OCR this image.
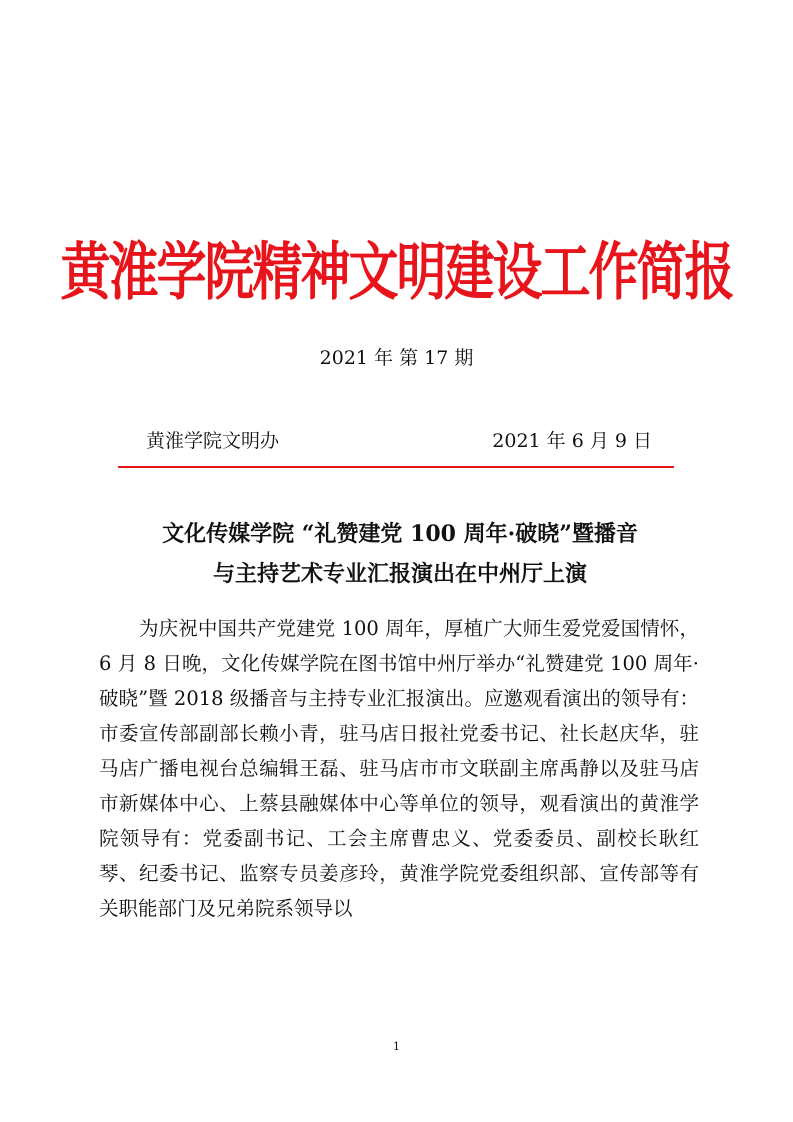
黄淮学院精神文明建设工作简报
2021 年 第 17 期
黄淮学院文明办	2021 年 6 月 9 日
文化传媒学院 “礼赞建党 100 周年·破晓”暨播音
与主持艺术专业汇报演出在中州厅上演

为庆祝中国共产党建党 100 周年，厚植广大师生爱党爱国情怀，6 月 8 日晚，文化传媒学院在图书馆中州厅举办“礼赞建党 100 周年·破晓”暨 2018 级播音与主持专业汇报演出。应邀观看演出的领导有：市委宣传部副部长赖小青，驻马店日报社党委书记、社长赵庆华，驻马店广播电视台总编辑王磊、驻马店市市文联副主席禹静以及驻马店市新媒体中心、上蔡县融媒体中心等单位的领导，观看演出的黄淮学院领导有：党委副书记、工会主席曹忠义、党委委员、副校长耿红琴、纪委书记、监察专员姜彦玲，黄淮学院党委组织部、宣传部等有关职能部门及兄弟院系领导以

1
